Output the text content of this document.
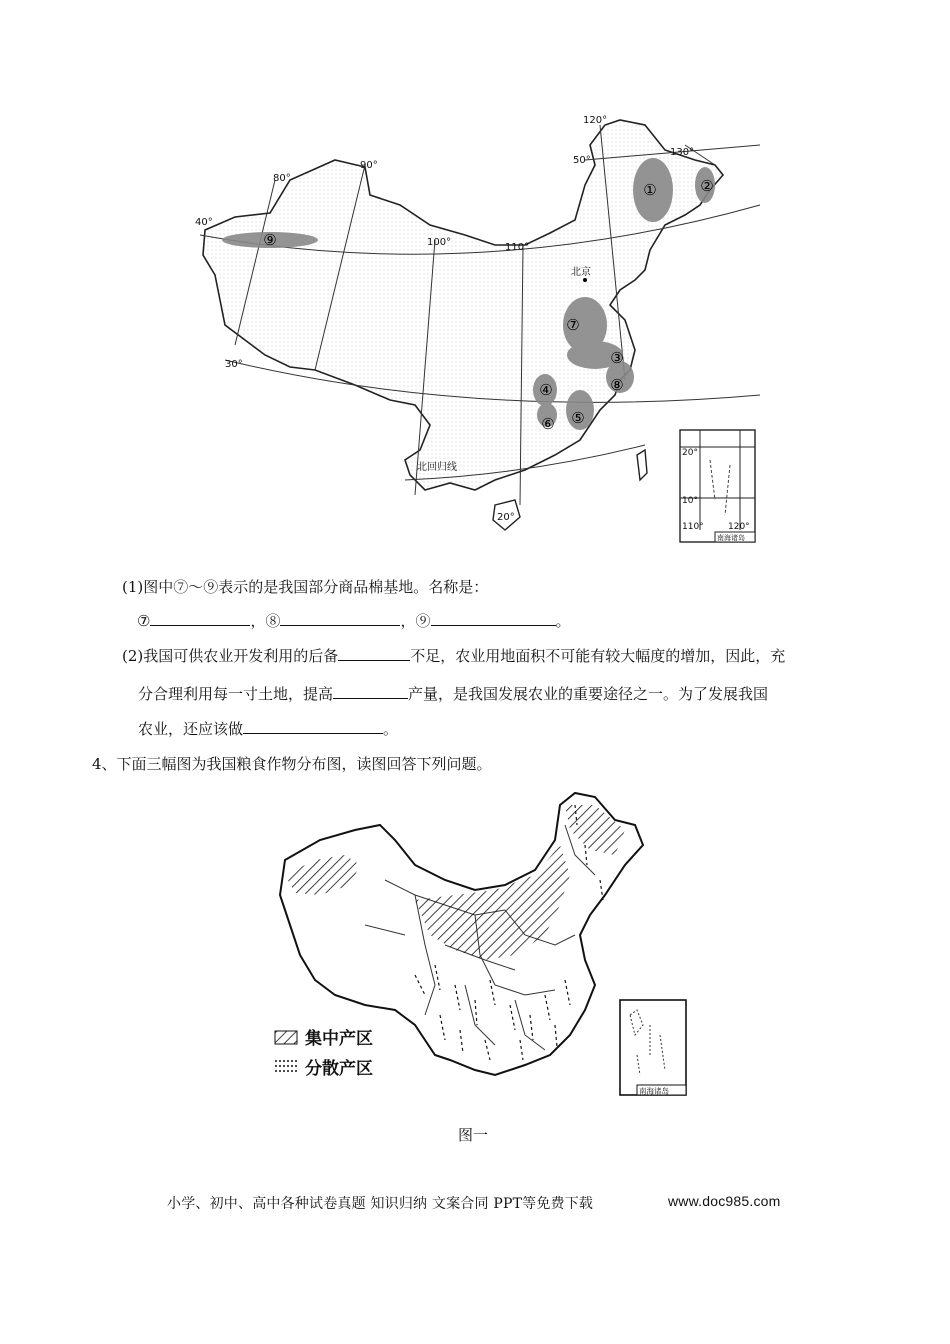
①	②
③
④
⑤
⑥
⑦
⑧
⑨
50°
40°
30°
20°
80°
90°
100°	110°
120°
130°
北京
北回归线
20°
10°
110°	120°
南海诸岛
(1)图中⑦～⑨表示的是我国部分商品棉基地。名称是：
⑦	，⑧	，⑨	。
(2)我国可供农业开发利用的后备	不足，农业用地面积不可能有较大幅度的增加，因此，充
分合理利用每一寸土地，提高	产量，是我国发展农业的重要途径之一。为了发展我国
农业，还应该做	。
4、下面三幅图为我国粮食作物分布图，读图回答下列问题。
南海诸岛
集中产区
分散产区
图一
小学、初中、高中各种试卷真题 知识归纳 文案合同 PPT等免费下载	www.doc985.com
